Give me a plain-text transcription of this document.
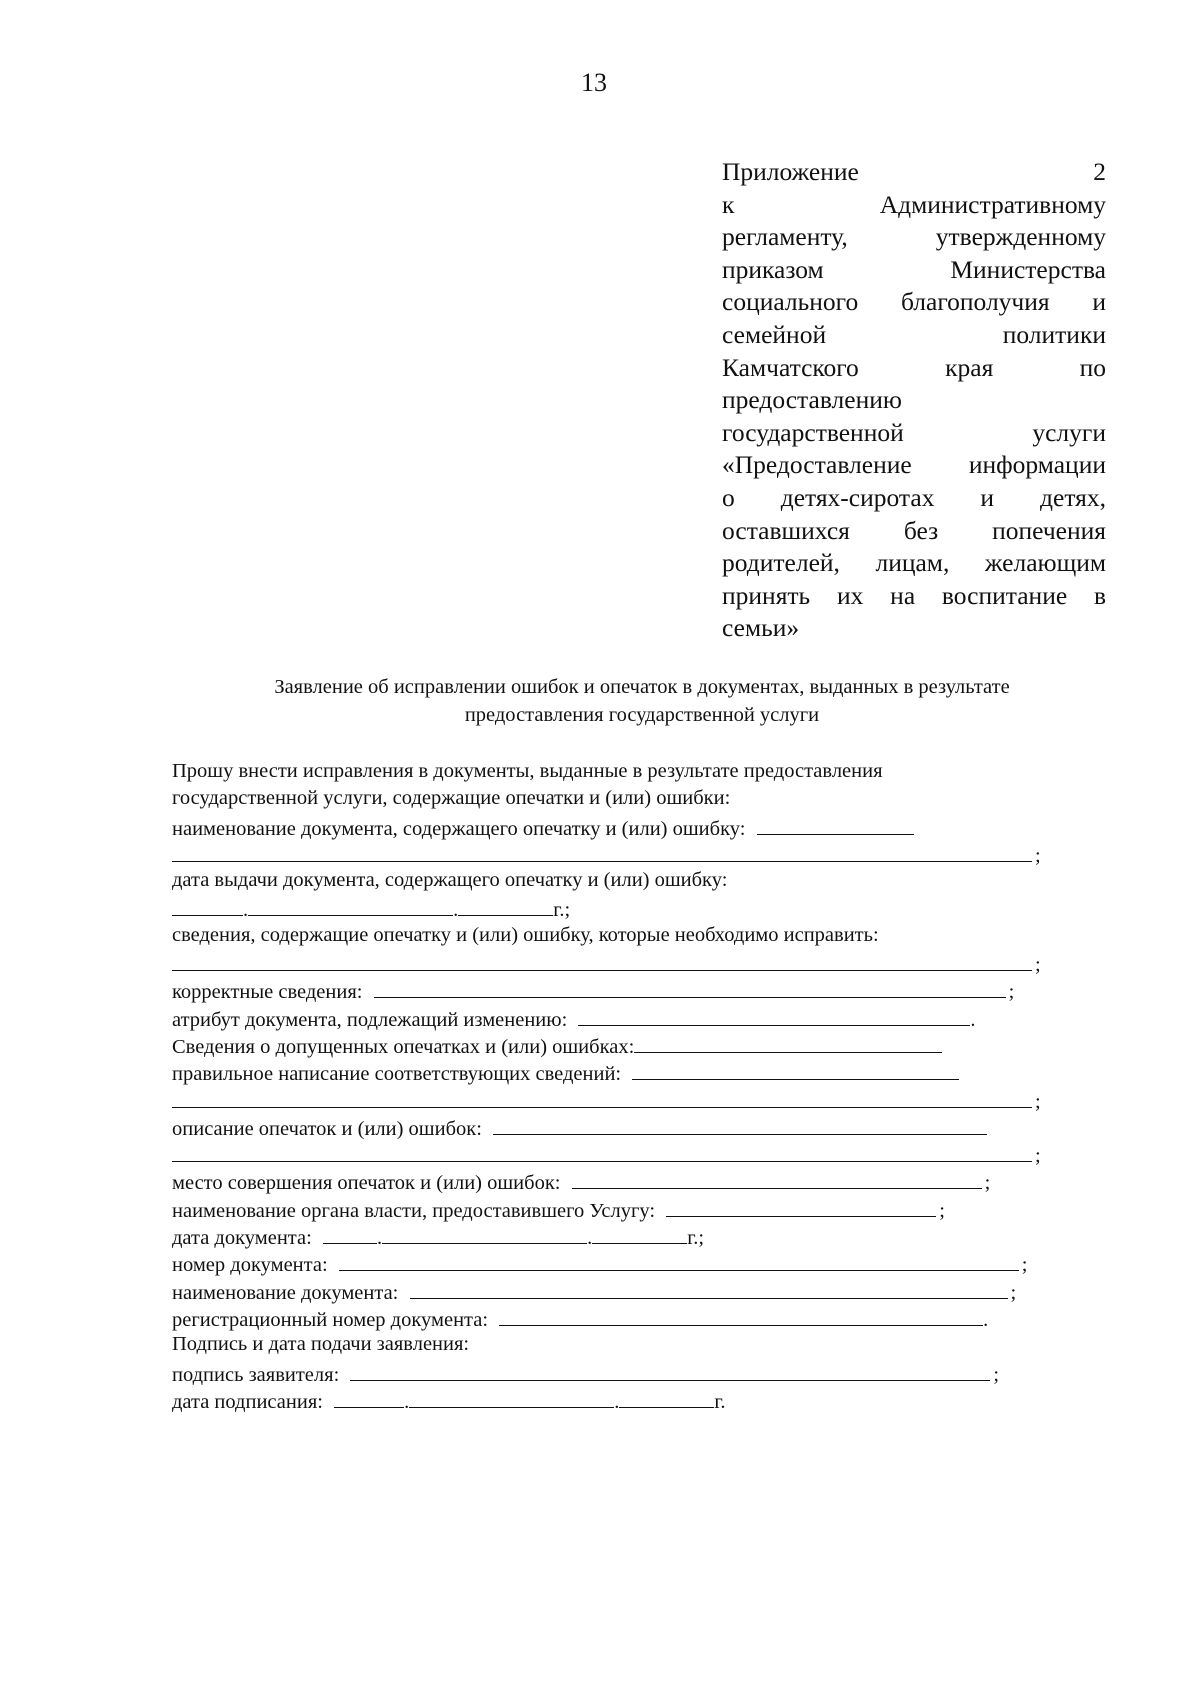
13
Приложение 2
к Административному
регламенту, утвержденному
приказом Министерства
социального благополучия и
семейной политики
Камчатского края по
предоставлению
государственной услуги
«Предоставление информации
о детях-сиротах и детях,
оставшихся без попечения
родителей, лицам, желающим
принять их на воспитание в
семьи»
Заявление об исправлении ошибок и опечаток в документах, выданных в результате
предоставления государственной услуги
Прошу внести исправления в документы, выданные в результате предоставления
государственной услуги, содержащие опечатки и (или) ошибки:
наименование документа, содержащего опечатку и (или) ошибку:
;
дата выдачи документа, содержащего опечатку и (или) ошибку:
.	.	г.;
сведения, содержащие опечатку и (или) ошибку, которые необходимо исправить:
;
корректные сведения:	;
атрибут документа, подлежащий изменению:	.
Сведения о допущенных опечатках и (или) ошибках:
правильное написание соответствующих сведений:
;
описание опечаток и (или) ошибок:
;
место совершения опечаток и (или) ошибок:	;
наименование органа власти, предоставившего Услугу:	;
дата документа:	.	.	г.;
номер документа:	;
наименование документа:	;
регистрационный номер документа:	.
Подпись и дата подачи заявления:
подпись заявителя:	;
дата подписания:	.	.	г.
